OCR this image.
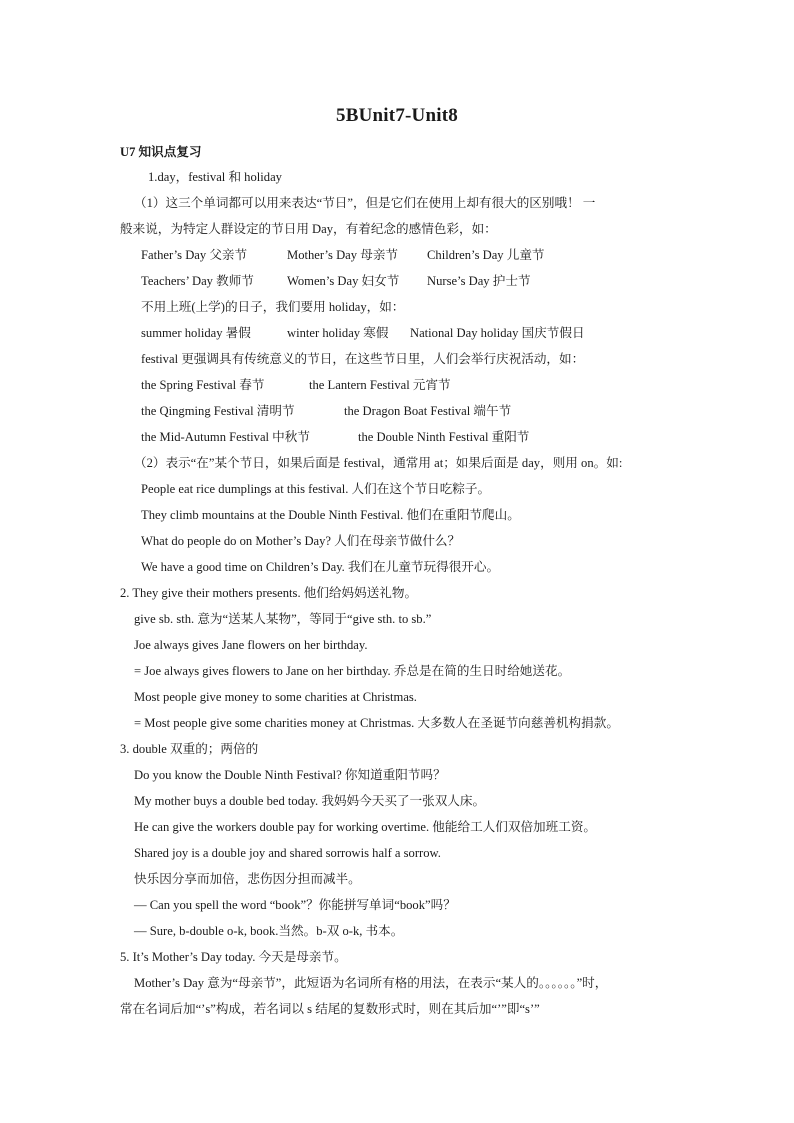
5BUnit7-Unit8
U7 知识点复习
1.day，festival 和 holiday
（1）这三个单词都可以用来表达“节日”，但是它们在使用上却有很大的区别哦！ 一
般来说，为特定人群设定的节日用 Day，有着纪念的感情色彩，如：
Father’s Day 父亲节	Mother’s Day 母亲节 Children’s Day 儿童节
Teachers’ Day 教师节	Women’s Day 妇女节 Nurse’s Day 护士节
不用上班(上学)的日子，我们要用 holiday，如：
summer holiday 暑假	winter holiday 寒假 National Day holiday 国庆节假日
festival 更强调具有传统意义的节日，在这些节日里，人们会举行庆祝活动，如：
the Spring Festival 春节	the Lantern Festival 元宵节
the Qingming Festival 清明节	the Dragon Boat Festival 端午节
the Mid-Autumn Festival 中秋节	the Double Ninth Festival 重阳节
（2）表示“在”某个节日，如果后面是 festival，通常用 at；如果后面是 day，则用 on。如:
People eat rice dumplings at this festival. 人们在这个节日吃粽子。
They climb mountains at the Double Ninth Festival. 他们在重阳节爬山。
What do people do on Mother’s Day? 人们在母亲节做什么？
We have a good time on Children’s Day. 我们在儿童节玩得很开心。
2. They give their mothers presents. 他们给妈妈送礼物。
give sb. sth. 意为“送某人某物”，等同于“give sth. to sb.”
Joe always gives Jane flowers on her birthday.
= Joe always gives flowers to Jane on her birthday. 乔总是在简的生日时给她送花。
Most people give money to some charities at Christmas.
= Most people give some charities money at Christmas. 大多数人在圣诞节向慈善机构捐款。
3. double 双重的；两倍的
Do you know the Double Ninth Festival? 你知道重阳节吗？
My mother buys a double bed today. 我妈妈今天买了一张双人床。
He can give the workers double pay for working overtime. 他能给工人们双倍加班工资。
Shared joy is a double joy and shared sorrowis half a sorrow.
快乐因分享而加倍，悲伤因分担而减半。
— Can you spell the word “book”？你能拼写单词“book”吗？
— Sure, b-double o-k, book.当然。b-双 o-k, 书本。
5. It’s Mother’s Day today. 今天是母亲节。
Mother’s Day 意为“母亲节”，此短语为名词所有格的用法，在表示“某人的。。。。。。”时，
常在名词后加“’s”构成，若名词以 s 结尾的复数形式时，则在其后加“’”即“s’”
